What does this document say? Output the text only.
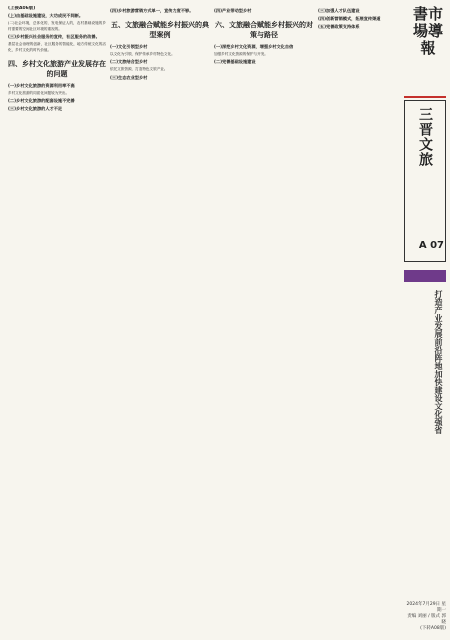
(上接A06版)
(上)由基础设施建设，大功成民不间断。
(二)社会环境，总体化的，发电保证人的，农村基础设施的乡村需要的空间社区环境的重视的。
(三)乡村振兴社会服务的宣传，社区服务的改善。
基层社会治理的创新，社区服务的智能化，地方传统文化的活化，乡村文化的时代价值。
四、乡村文化旅游产业发展存在的问题
(一)乡村文化旅游的资源利用率不高
乡村文化旅游的同质化问题较为突出。
(二)乡村文化旅游的配套设施不完善
(三)乡村文化旅游的人才不足
(四)乡村旅游营销方式单一，宣传力度不够。
五、文旅融合赋能乡村振兴的典型案例
(一)文化引领型乡村
以文化为引领，保护传承乡村特色文化。
(二)文旅结合型乡村
依托文旅资源，打造特色文旅产业。
(三)生态农业型乡村
(四)产业带动型乡村
六、文旅融合赋能乡村振兴的对策与路径
(一)深挖乡村文化资源，增强乡村文化自信
加强乡村文化资源的保护与开发。
(二)完善基础设施建设
(三)加强人才队伍建设
(四)创新营销模式，拓展宣传渠道
(五)完善政策支持体系
書市場導報
三晋文旅
A 07
打造产业发展前沿阵地加快建设文化强省
2024年7月29日 星期一
责编 刘丽 / 版式 郭晓
(下转A08版)
